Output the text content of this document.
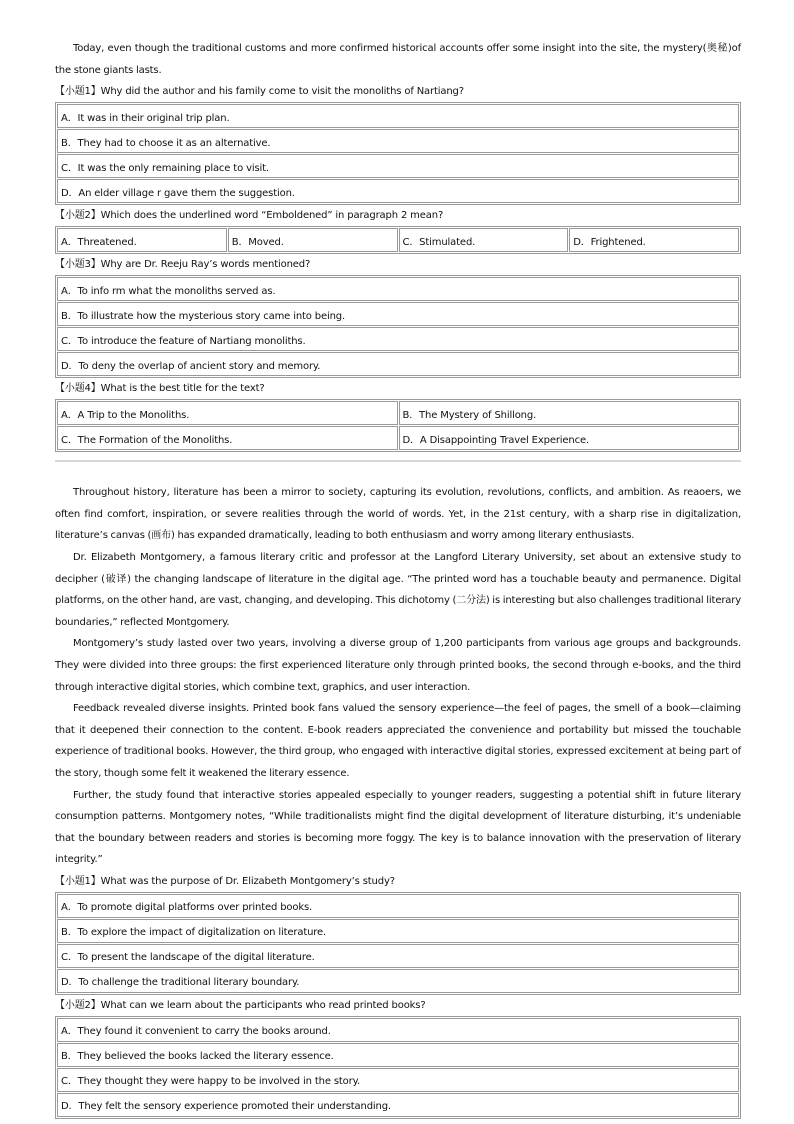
Today, even though the traditional customs and more confirmed historical accounts offer some insight into the site, the mystery(奥秘)of the stone giants lasts.

【小题1】Why did the author and his family come to visit the monoliths of Nartiang?

A．It was in their original trip plan.
B．They had to choose it as an alternative.
C．It was the only remaining place to visit.
D．An elder village r gave them the suggestion.

【小题2】Which does the underlined word “Emboldened” in paragraph 2 mean?

A．Threatened.	B．Moved.	C．Stimulated.	D．Frightened.

【小题3】Why are Dr. Reeju Ray’s words mentioned?

A．To info rm what the monoliths served as.
B．To illustrate how the mysterious story came into being.
C．To introduce the feature of Nartiang monoliths.
D．To deny the overlap of ancient story and memory.

【小题4】What is the best title for the text?

A．A Trip to the Monoliths.	B．The Mystery of Shillong.
C．The Formation of the Monoliths.	D．A Disappointing Travel Experience.

Throughout history, literature has been a mirror to society, capturing its evolution, revolutions, conflicts, and ambition. As reaoers, we often find comfort, inspiration, or severe realities through the world of words. Yet, in the 21st century, with a sharp rise in digitalization, literature’s canvas (画布) has expanded dramatically, leading to both enthusiasm and worry among literary enthusiasts.

Dr. Elizabeth Montgomery, a famous literary critic and professor at the Langford Literary University, set about an extensive study to decipher (破译) the changing landscape of literature in the digital age. “The printed word has a touchable beauty and permanence. Digital platforms, on the other hand, are vast, changing, and developing. This dichotomy (二分法) is interesting but also challenges traditional literary boundaries,” reflected Montgomery.

Montgomery’s study lasted over two years, involving a diverse group of 1,200 participants from various age groups and backgrounds. They were divided into three groups: the first experienced literature only through printed books, the second through e-books, and the third through interactive digital stories, which combine text, graphics, and user interaction.

Feedback revealed diverse insights. Printed book fans valued the sensory experience—the feel of pages, the smell of a book—claiming that it deepened their connection to the content. E-book readers appreciated the convenience and portability but missed the touchable experience of traditional books. However, the third group, who engaged with interactive digital stories, expressed excitement at being part of the story, though some felt it weakened the literary essence.

Further, the study found that interactive stories appealed especially to younger readers, suggesting a potential shift in future literary consumption patterns. Montgomery notes, “While traditionalists might find the digital development of literature disturbing, it’s undeniable that the boundary between readers and stories is becoming more foggy. The key is to balance innovation with the preservation of literary integrity.”

【小题1】What was the purpose of Dr. Elizabeth Montgomery’s study?

A．To promote digital platforms over printed books.
B．To explore the impact of digitalization on literature.
C．To present the landscape of the digital literature.
D．To challenge the traditional literary boundary.

【小题2】What can we learn about the participants who read printed books?

A．They found it convenient to carry the books around.
B．They believed the books lacked the literary essence.
C．They thought they were happy to be involved in the story.
D．They felt the sensory experience promoted their understanding.
